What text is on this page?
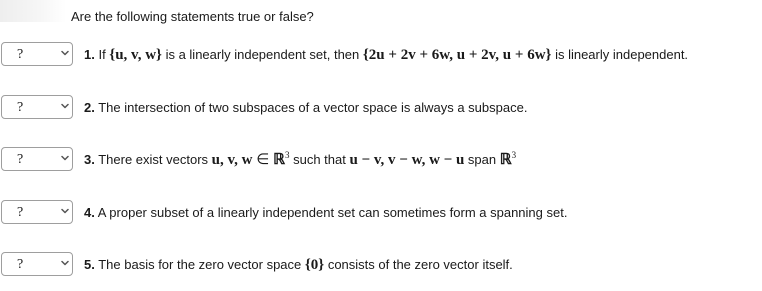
Are the following statements true or false?
?	1. If {u, v, w} is a linearly independent set, then {2u + 2v + 6w, u + 2v, u + 6w} is linearly independent.
?	2. The intersection of two subspaces of a vector space is always a subspace.
?	3. There exist vectors u, v, w ∈ ℝ$^3$ such that u − v, v − w, w − u span ℝ$^3$
?	4. A proper subset of a linearly independent set can sometimes form a spanning set.
?	5. The basis for the zero vector space {0} consists of the zero vector itself.
